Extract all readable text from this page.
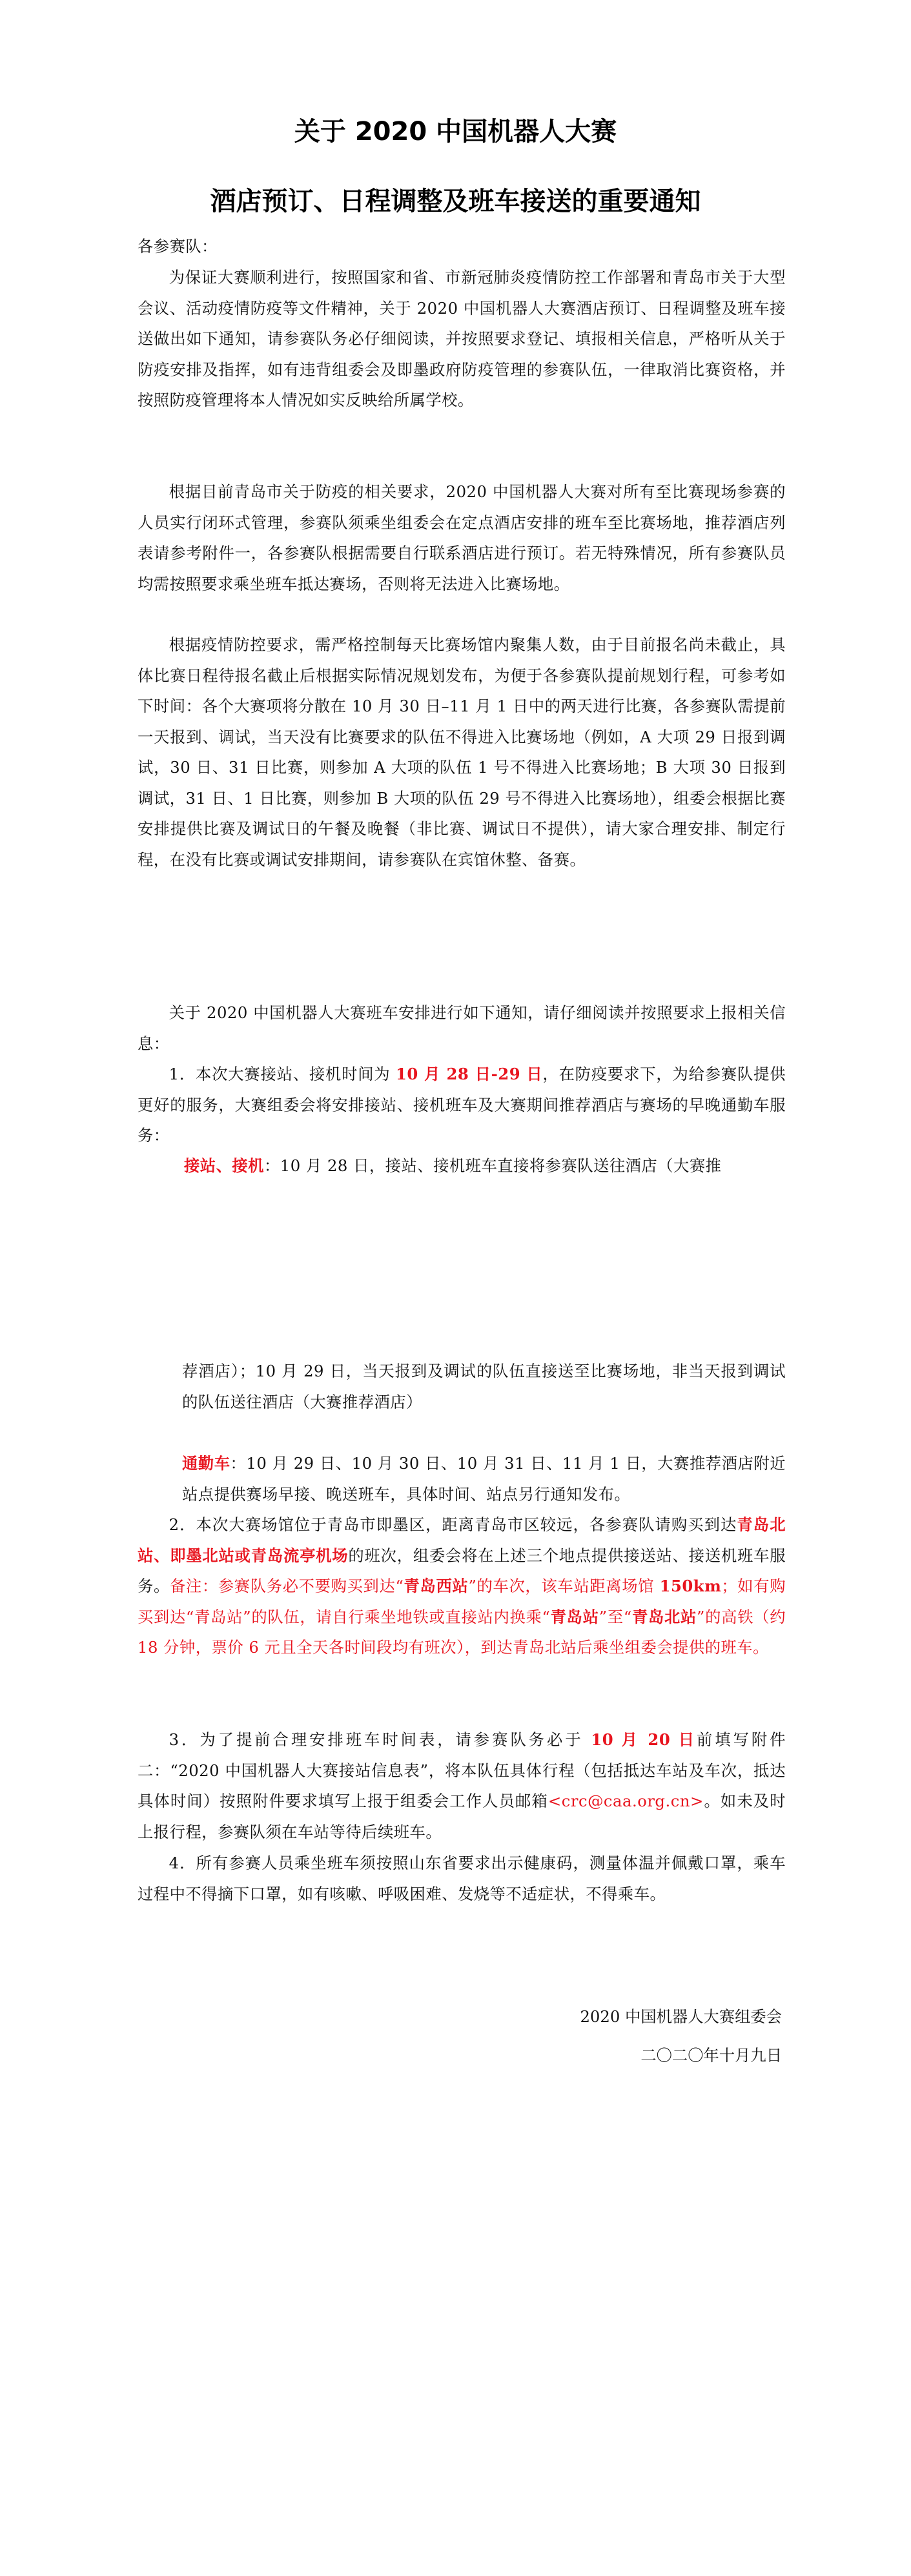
关于 2020 中国机器人大赛
酒店预订、日程调整及班车接送的重要通知

各参赛队：

为保证大赛顺利进行，按照国家和省、市新冠肺炎疫情防控工作部署和青岛市关于大型会议、活动疫情防疫等文件精神，关于 2020 中国机器人大赛酒店预订、日程调整及班车接送做出如下通知，请参赛队务必仔细阅读，并按照要求登记、填报相关信息，严格听从关于防疫安排及指挥，如有违背组委会及即墨政府防疫管理的参赛队伍，一律取消比赛资格，并按照防疫管理将本人情况如实反映给所属学校。

根据目前青岛市关于防疫的相关要求，2020 中国机器人大赛对所有至比赛现场参赛的人员实行闭环式管理，参赛队须乘坐组委会在定点酒店安排的班车至比赛场地，推荐酒店列表请参考附件一，各参赛队根据需要自行联系酒店进行预订。若无特殊情况，所有参赛队员均需按照要求乘坐班车抵达赛场，否则将无法进入比赛场地。

根据疫情防控要求，需严格控制每天比赛场馆内聚集人数，由于目前报名尚未截止，具体比赛日程待报名截止后根据实际情况规划发布，为便于各参赛队提前规划行程，可参考如下时间：各个大赛项将分散在 10 月 30 日–11 月 1 日中的两天进行比赛，各参赛队需提前一天报到、调试，当天没有比赛要求的队伍不得进入比赛场地（例如，A 大项 29 日报到调试，30 日、31 日比赛，则参加 A 大项的队伍 1 号不得进入比赛场地；B 大项 30 日报到调试，31 日、1 日比赛，则参加 B 大项的队伍 29 号不得进入比赛场地），组委会根据比赛安排提供比赛及调试日的午餐及晚餐（非比赛、调试日不提供），请大家合理安排、制定行程，在没有比赛或调试安排期间，请参赛队在宾馆休整、备赛。

关于 2020 中国机器人大赛班车安排进行如下通知，请仔细阅读并按照要求上报相关信息：

1．本次大赛接站、接机时间为 10 月 28 日-29 日，在防疫要求下，为给参赛队提供更好的服务，大赛组委会将安排接站、接机班车及大赛期间推荐酒店与赛场的早晚通勤车服务：

接站、接机：10 月 28 日，接站、接机班车直接将参赛队送往酒店（大赛推

荐酒店）；10 月 29 日，当天报到及调试的队伍直接送至比赛场地，非当天报到调试的队伍送往酒店（大赛推荐酒店）

通勤车：10 月 29 日、10 月 30 日、10 月 31 日、11 月 1 日，大赛推荐酒店附近站点提供赛场早接、晚送班车，具体时间、站点另行通知发布。

2．本次大赛场馆位于青岛市即墨区，距离青岛市区较远，各参赛队请购买到达青岛北站、即墨北站或青岛流亭机场的班次，组委会将在上述三个地点提供接送站、接送机班车服务。备注：参赛队务必不要购买到达“青岛西站”的车次，该车站距离场馆 150km；如有购买到达“青岛站”的队伍，请自行乘坐地铁或直接站内换乘“青岛站”至“青岛北站”的高铁（约 18 分钟，票价 6 元且全天各时间段均有班次），到达青岛北站后乘坐组委会提供的班车。

3．为了提前合理安排班车时间表，请参赛队务必于 10 月 20 日前填写附件二：“2020 中国机器人大赛接站信息表”，将本队伍具体行程（包括抵达车站及车次，抵达具体时间）按照附件要求填写上报于组委会工作人员邮箱<crc@caa.org.cn>。如未及时上报行程，参赛队须在车站等待后续班车。

4．所有参赛人员乘坐班车须按照山东省要求出示健康码，测量体温并佩戴口罩，乘车过程中不得摘下口罩，如有咳嗽、呼吸困难、发烧等不适症状，不得乘车。

2020 中国机器人大赛组委会
二〇二〇年十月九日
